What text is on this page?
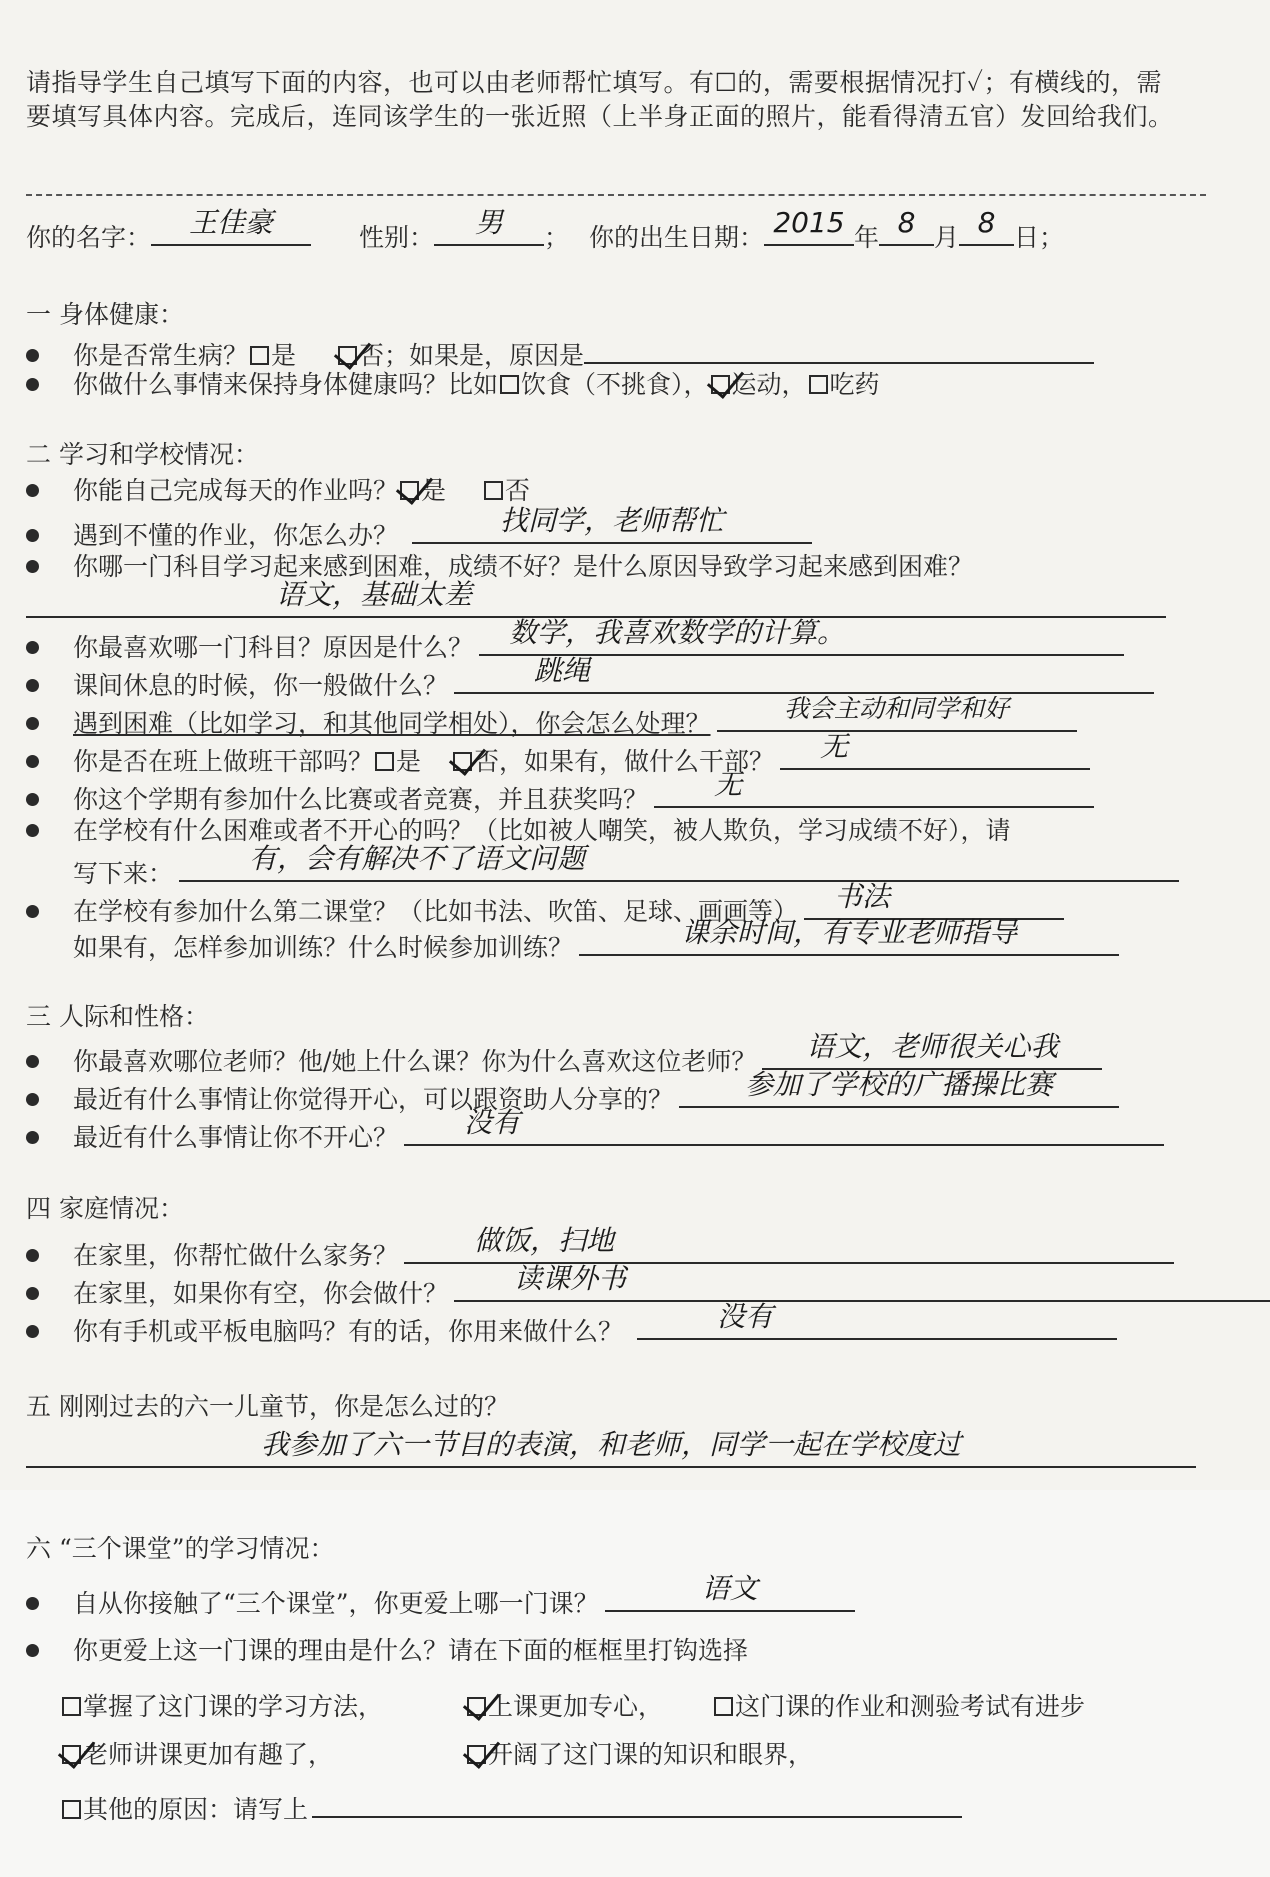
请指导学生自己填写下面的内容，也可以由老师帮忙填写。有☐的，需要根据情况打✓；有横线的，需要填写具体内容。完成后，连同该学生的一张近照（上半身正面的照片，能看得清五官）发回给我们。
你的名字：	王佳豪	性别：	男	； 你的出生日期： 2015 年 8 月 8 日；
一 身体健康：
你是否常生病？ 是	否；如果是，原因是
你做什么事情来保持身体健康吗？比如 饮食（不挑食）， 运动， 吃药
二 学习和学校情况：
你能自己完成每天的作业吗？ 是 否
遇到不懂的作业，你怎么办？	找同学，老师帮忙
你哪一门科目学习起来感到困难，成绩不好？是什么原因导致学习起来感到困难？
语文，基础太差
你最喜欢哪一门科目？原因是什么？ 数学，我喜欢数学的计算。
课间休息的时候，你一般做什么？	跳绳
遇到困难（比如学习，和其他同学相处），你会怎么处理？
我会主动和同学和好
你是否在班上做班干部吗？ 是 否，如果有，做什么干部？ 无
你这个学期有参加什么比赛或者竞赛，并且获奖吗？ 无
在学校有什么困难或者不开心的吗？（比如被人嘲笑，被人欺负，学习成绩不好），请
写下来：	有，会有解决不了语文问题
在学校有参加什么第二课堂？（比如书法、吹笛、足球、画画等） 书法
如果有，怎样参加训练？什么时候参加训练？	课余时间，有专业老师指导
三 人际和性格：
你最喜欢哪位老师？他/她上什么课？你为什么喜欢这位老师？	语文，老师很关心我
最近有什么事情让你觉得开心，可以跟资助人分享的？	参加了学校的广播操比赛
最近有什么事情让你不开心？ 没有
四 家庭情况：
在家里，你帮忙做什么家务？	做饭，扫地
在家里，如果你有空，你会做什？ 读课外书
你有手机或平板电脑吗？有的话，你用来做什么？	没有
五 刚刚过去的六一儿童节，你是怎么过的？
我参加了六一节目的表演，和老师，同学一起在学校度过
六 “三个课堂”的学习情况：
自从你接触了“三个课堂”，你更爱上哪一门课？	语文
你更爱上这一门课的理由是什么？请在下面的框框里打钩选择
掌握了这门课的学习方法，	上课更加专心，	这门课的作业和测验考试有进步
老师讲课更加有趣了，	开阔了这门课的知识和眼界，
其他的原因：请写上
